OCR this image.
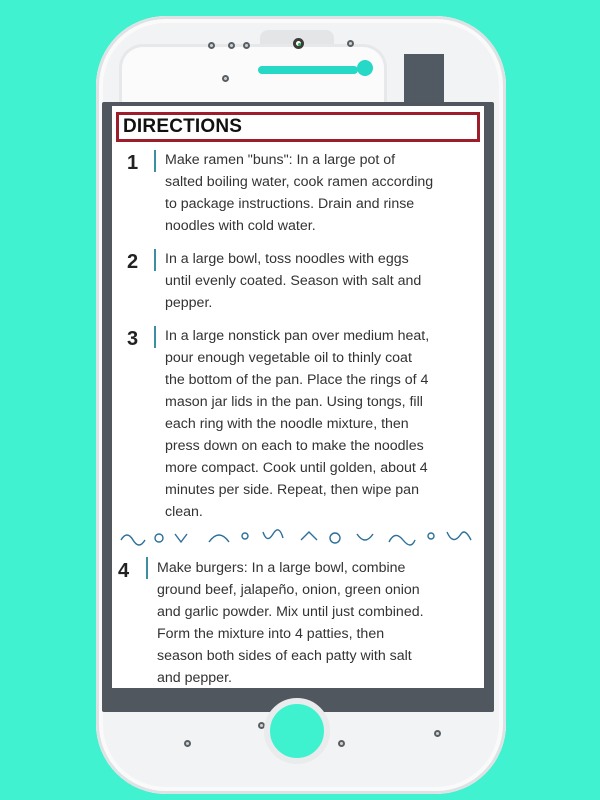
DIRECTIONS
1 Make ramen "buns": In a large pot of
salted boiling water, cook ramen according
to package instructions. Drain and rinse
noodles with cold water.
2 In a large bowl, toss noodles with eggs
until evenly coated. Season with salt and
pepper.
3 In a large nonstick pan over medium heat,
pour enough vegetable oil to thinly coat
the bottom of the pan. Place the rings of 4
mason jar lids in the pan. Using tongs, fill
each ring with the noodle mixture, then
press down on each to make the noodles
more compact. Cook until golden, about 4
minutes per side. Repeat, then wipe pan
clean.
4 Make burgers: In a large bowl, combine
ground beef, jalapeño, onion, green onion
and garlic powder. Mix until just combined.
Form the mixture into 4 patties, then
season both sides of each patty with salt
and pepper.
